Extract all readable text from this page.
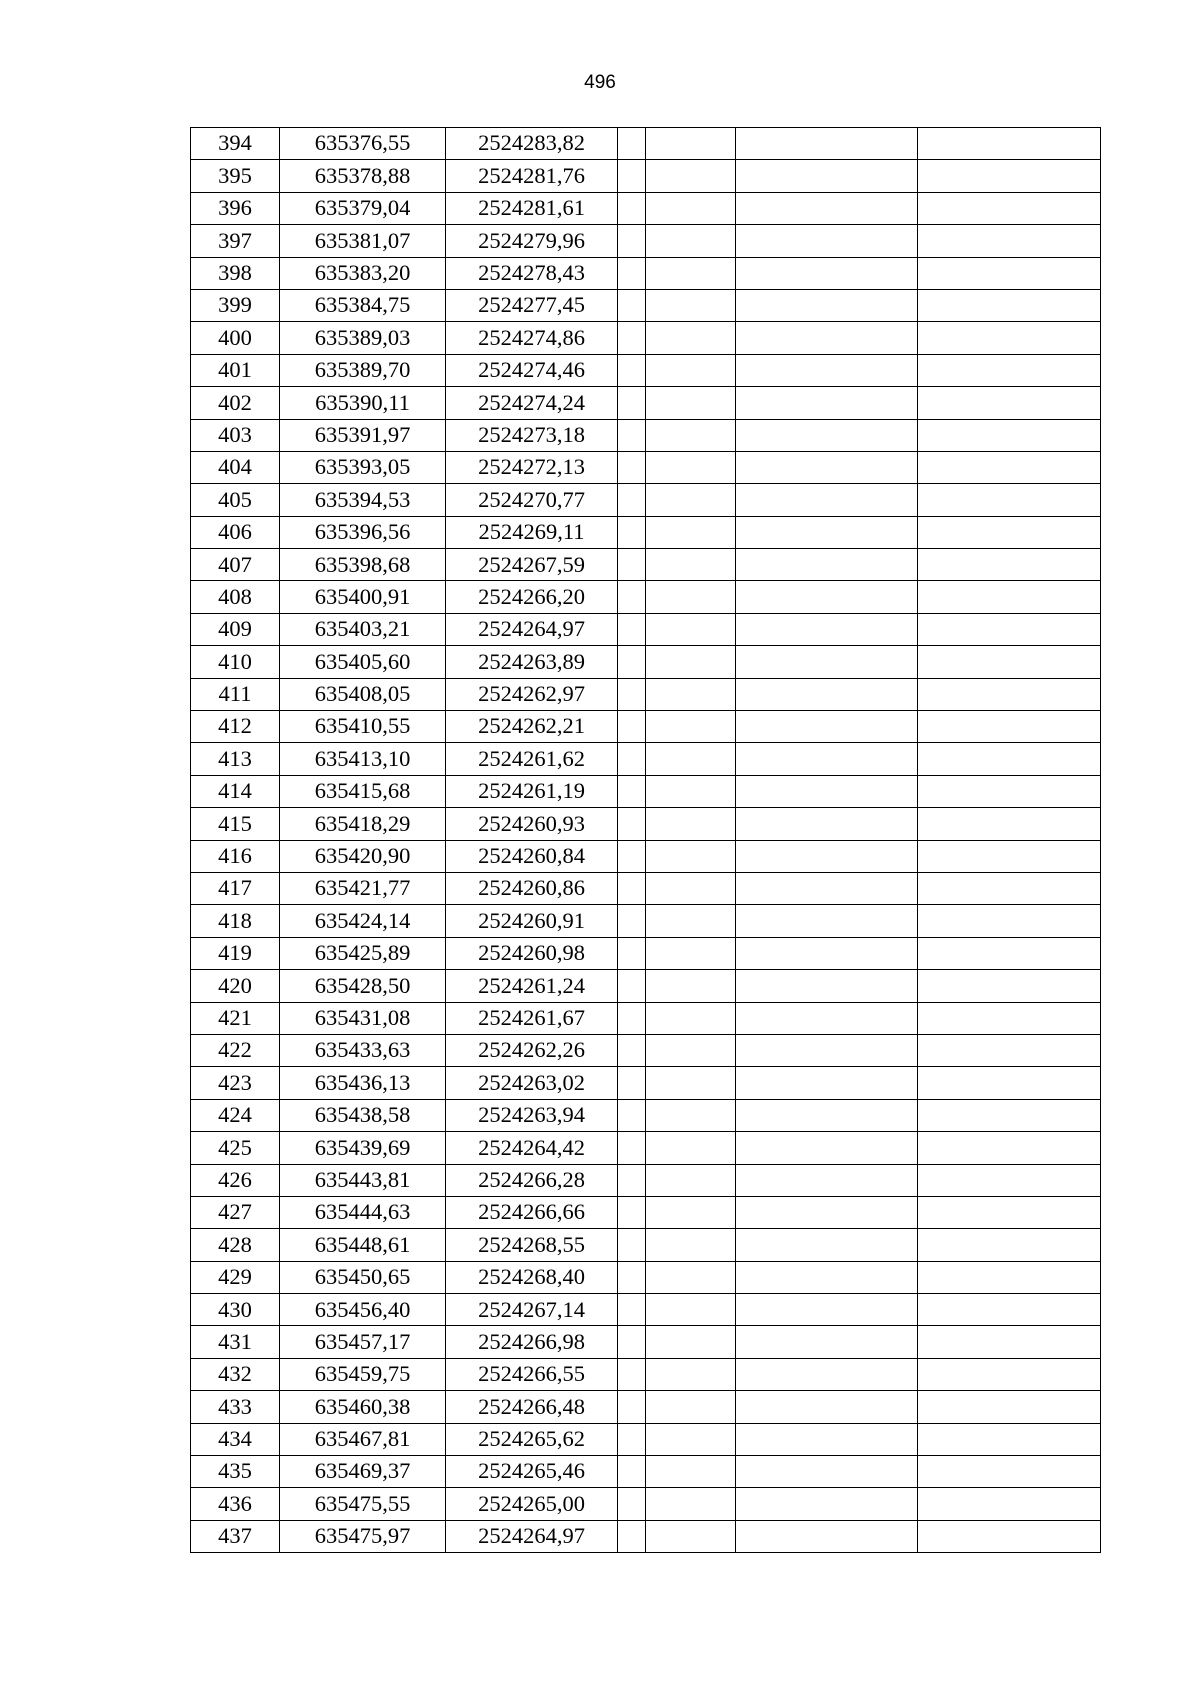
496
394	635376,55	2524283,82				
395	635378,88	2524281,76				
396	635379,04	2524281,61				
397	635381,07	2524279,96				
398	635383,20	2524278,43				
399	635384,75	2524277,45				
400	635389,03	2524274,86				
401	635389,70	2524274,46				
402	635390,11	2524274,24				
403	635391,97	2524273,18				
404	635393,05	2524272,13				
405	635394,53	2524270,77				
406	635396,56	2524269,11				
407	635398,68	2524267,59				
408	635400,91	2524266,20				
409	635403,21	2524264,97				
410	635405,60	2524263,89				
411	635408,05	2524262,97				
412	635410,55	2524262,21				
413	635413,10	2524261,62				
414	635415,68	2524261,19				
415	635418,29	2524260,93				
416	635420,90	2524260,84				
417	635421,77	2524260,86				
418	635424,14	2524260,91				
419	635425,89	2524260,98				
420	635428,50	2524261,24				
421	635431,08	2524261,67				
422	635433,63	2524262,26				
423	635436,13	2524263,02				
424	635438,58	2524263,94				
425	635439,69	2524264,42				
426	635443,81	2524266,28				
427	635444,63	2524266,66				
428	635448,61	2524268,55				
429	635450,65	2524268,40				
430	635456,40	2524267,14				
431	635457,17	2524266,98				
432	635459,75	2524266,55				
433	635460,38	2524266,48				
434	635467,81	2524265,62				
435	635469,37	2524265,46				
436	635475,55	2524265,00				
437	635475,97	2524264,97				
